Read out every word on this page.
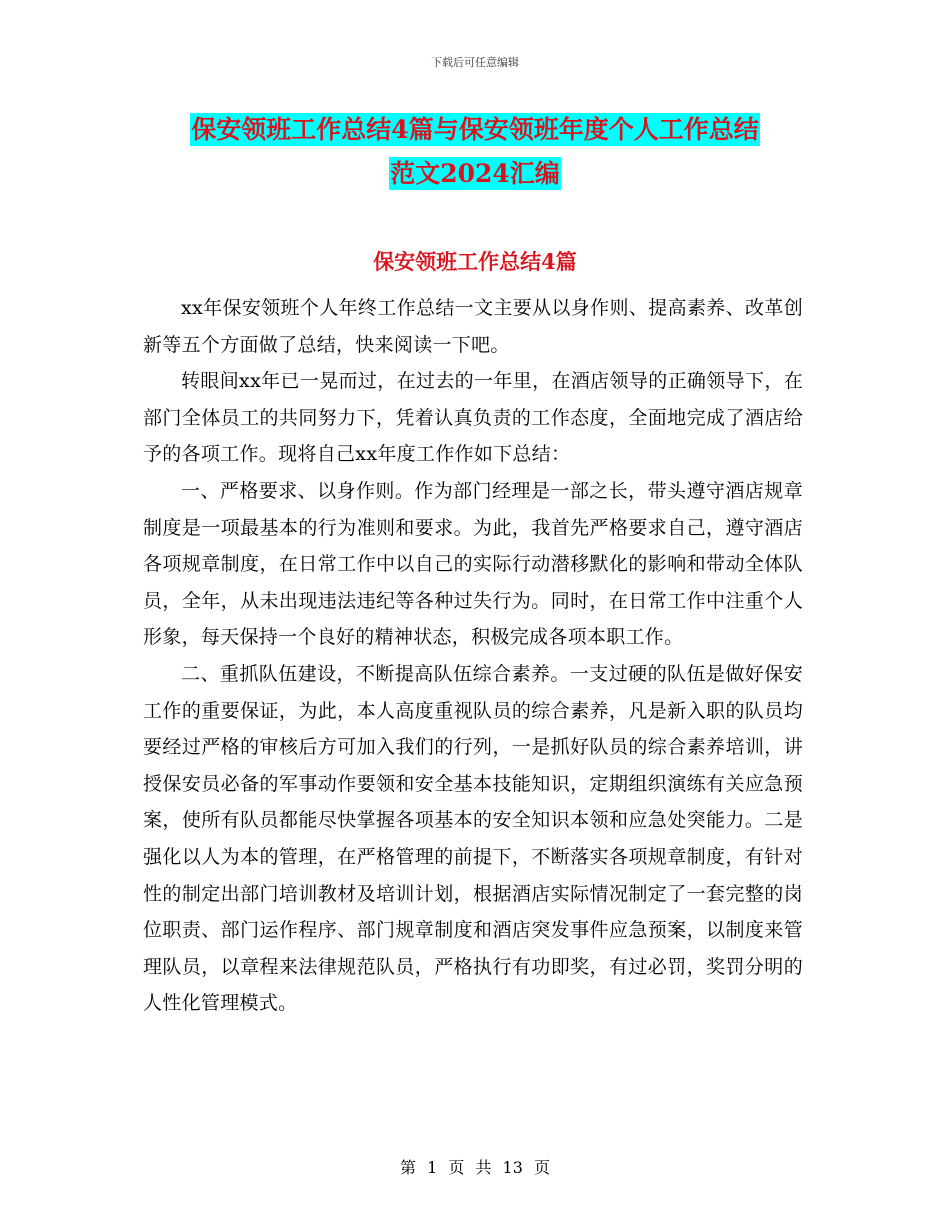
下载后可任意编辑
保安领班工作总结4篇与保安领班年度个人工作总结
范文2024汇编
保安领班工作总结4篇

xx年保安领班个人年终工作总结一文主要从以身作则、提高素养、改革创新等五个方面做了总结，快来阅读一下吧。

转眼间xx年已一晃而过，在过去的一年里，在酒店领导的正确领导下，在部门全体员工的共同努力下，凭着认真负责的工作态度，全面地完成了酒店给予的各项工作。现将自己xx年度工作作如下总结：

一、严格要求、以身作则。作为部门经理是一部之长，带头遵守酒店规章制度是一项最基本的行为准则和要求。为此，我首先严格要求自己，遵守酒店各项规章制度，在日常工作中以自己的实际行动潜移默化的影响和带动全体队员，全年，从未出现违法违纪等各种过失行为。同时，在日常工作中注重个人形象，每天保持一个良好的精神状态，积极完成各项本职工作。

二、重抓队伍建设，不断提高队伍综合素养。一支过硬的队伍是做好保安工作的重要保证，为此，本人高度重视队员的综合素养，凡是新入职的队员均要经过严格的审核后方可加入我们的行列，一是抓好队员的综合素养培训，讲授保安员必备的军事动作要领和安全基本技能知识，定期组织演练有关应急预案，使所有队员都能尽快掌握各项基本的安全知识本领和应急处突能力。二是强化以人为本的管理，在严格管理的前提下，不断落实各项规章制度，有针对性的制定出部门培训教材及培训计划，根据酒店实际情况制定了一套完整的岗位职责、部门运作程序、部门规章制度和酒店突发事件应急预案，以制度来管理队员，以章程来法律规范队员，严格执行有功即奖，有过必罚，奖罚分明的人性化管理模式。

第 1 页 共 13 页
